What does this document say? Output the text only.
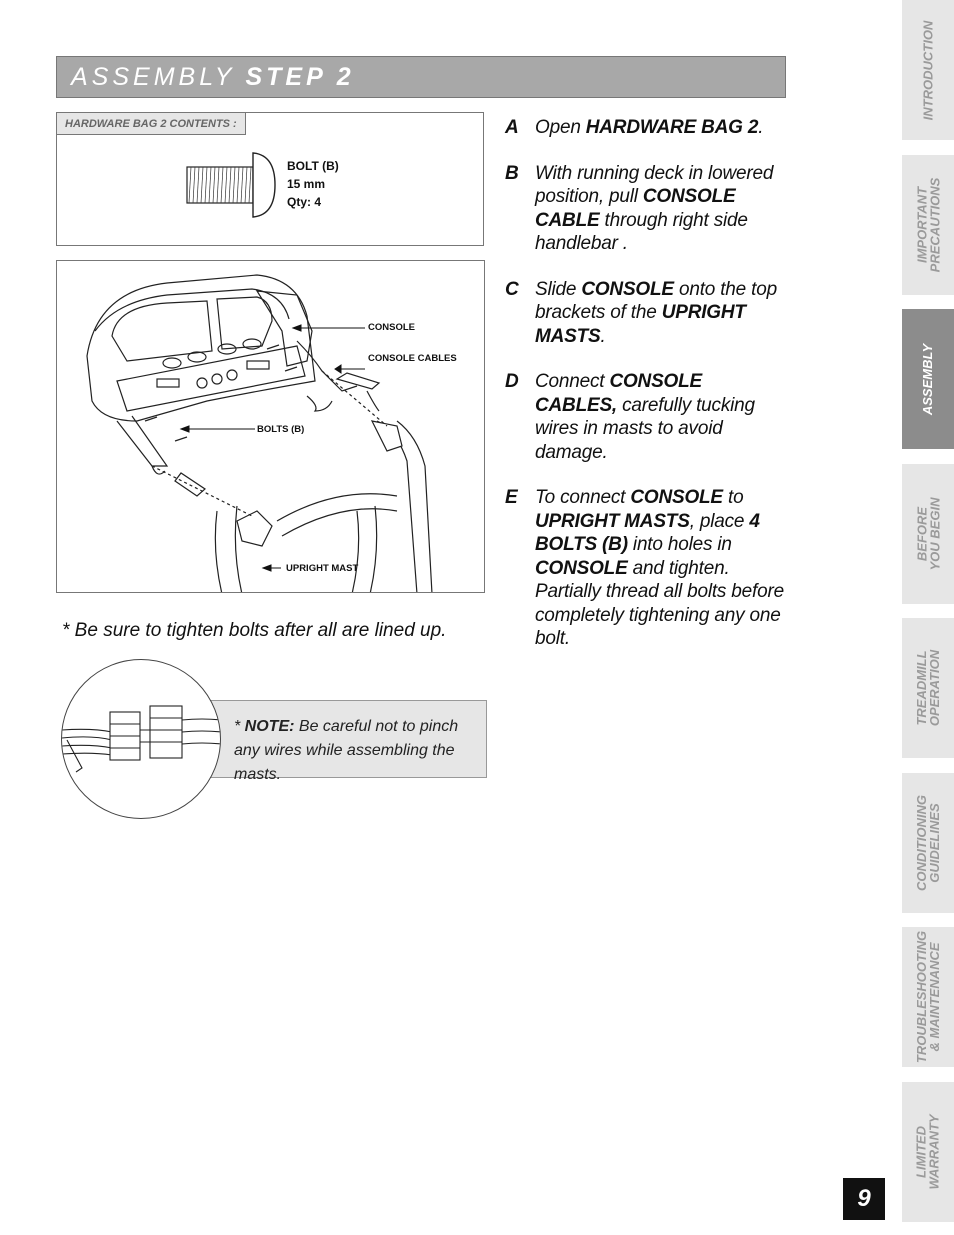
ASSEMBLY STEP 2
HARDWARE BAG 2 CONTENTS :
BOLT (B)
15 mm
Qty: 4
CONSOLE
CONSOLE CABLES
BOLTS (B)
UPRIGHT MAST
A Open HARDWARE BAG 2.
B With running deck in lowered position, pull CONSOLE CABLE through right side handlebar .
C Slide CONSOLE onto the top brackets of the UPRIGHT MASTS.
D Connect CONSOLE CABLES, carefully tucking wires in masts to avoid damage.
E To connect CONSOLE to UPRIGHT MASTS, place 4 BOLTS (B) into holes in CONSOLE and tighten. Partially thread all bolts before completely tightening any one bolt.
* Be sure to tighten bolts after all are lined up.
* NOTE: Be careful not to pinch any wires while assembling the masts.
INTRODUCTION
IMPORTANT
PRECAUTIONS
ASSEMBLY
BEFORE
YOU BEGIN
TREADMILL
OPERATION
CONDITIONING
GUIDELINES
TROUBLESHOOTING
& MAINTENANCE
LIMITED
WARRANTY
9
